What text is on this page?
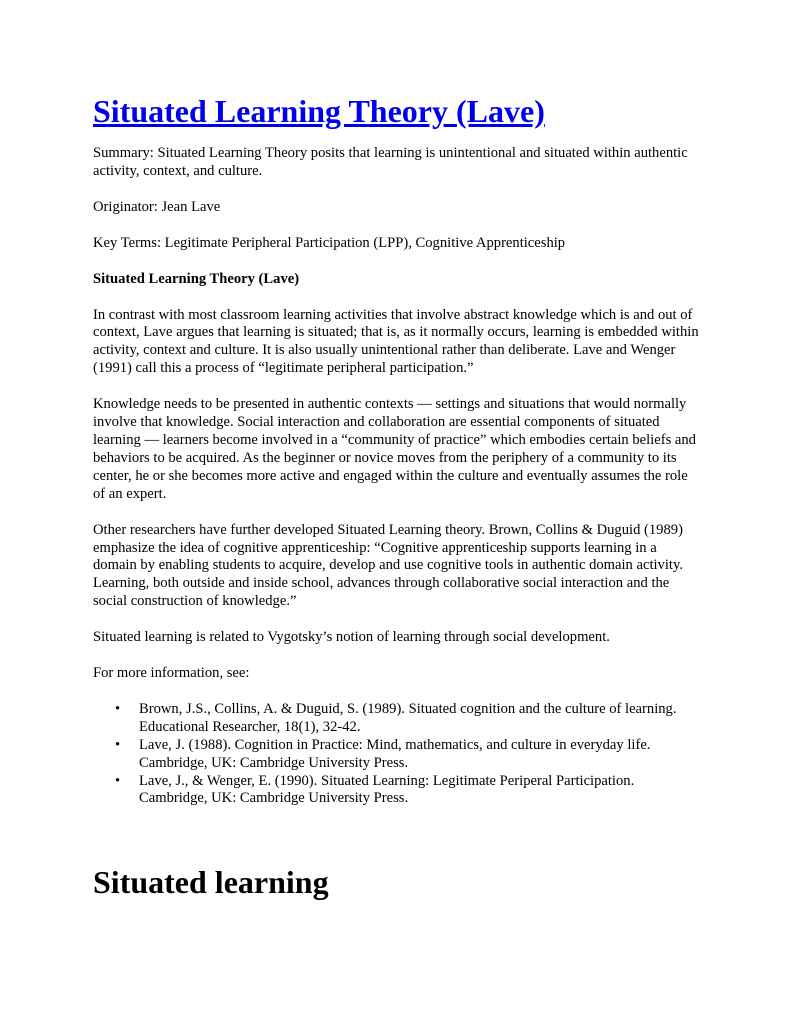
Situated Learning Theory (Lave)

Summary: Situated Learning Theory posits that learning is unintentional and situated within authentic activity, context, and culture.

Originator: Jean Lave

Key Terms: Legitimate Peripheral Participation (LPP), Cognitive Apprenticeship

Situated Learning Theory (Lave)

In contrast with most classroom learning activities that involve abstract knowledge which is and out of context, Lave argues that learning is situated; that is, as it normally occurs, learning is embedded within activity, context and culture. It is also usually unintentional rather than deliberate. Lave and Wenger (1991) call this a process of “legitimate peripheral participation.”

Knowledge needs to be presented in authentic contexts — settings and situations that would normally involve that knowledge. Social interaction and collaboration are essential components of situated learning — learners become involved in a “community of practice” which embodies certain beliefs and behaviors to be acquired. As the beginner or novice moves from the periphery of a community to its center, he or she becomes more active and engaged within the culture and eventually assumes the role of an expert.

Other researchers have further developed Situated Learning theory. Brown, Collins & Duguid (1989) emphasize the idea of cognitive apprenticeship: “Cognitive apprenticeship supports learning in a domain by enabling students to acquire, develop and use cognitive tools in authentic domain activity. Learning, both outside and inside school, advances through collaborative social interaction and the social construction of knowledge.”

Situated learning is related to Vygotsky’s notion of learning through social development.

For more information, see:

• Brown, J.S., Collins, A. & Duguid, S. (1989). Situated cognition and the culture of learning. Educational Researcher, 18(1), 32-42.
• Lave, J. (1988). Cognition in Practice: Mind, mathematics, and culture in everyday life. Cambridge, UK: Cambridge University Press.
• Lave, J., & Wenger, E. (1990). Situated Learning: Legitimate Periperal Participation. Cambridge, UK: Cambridge University Press.
Situated learning
